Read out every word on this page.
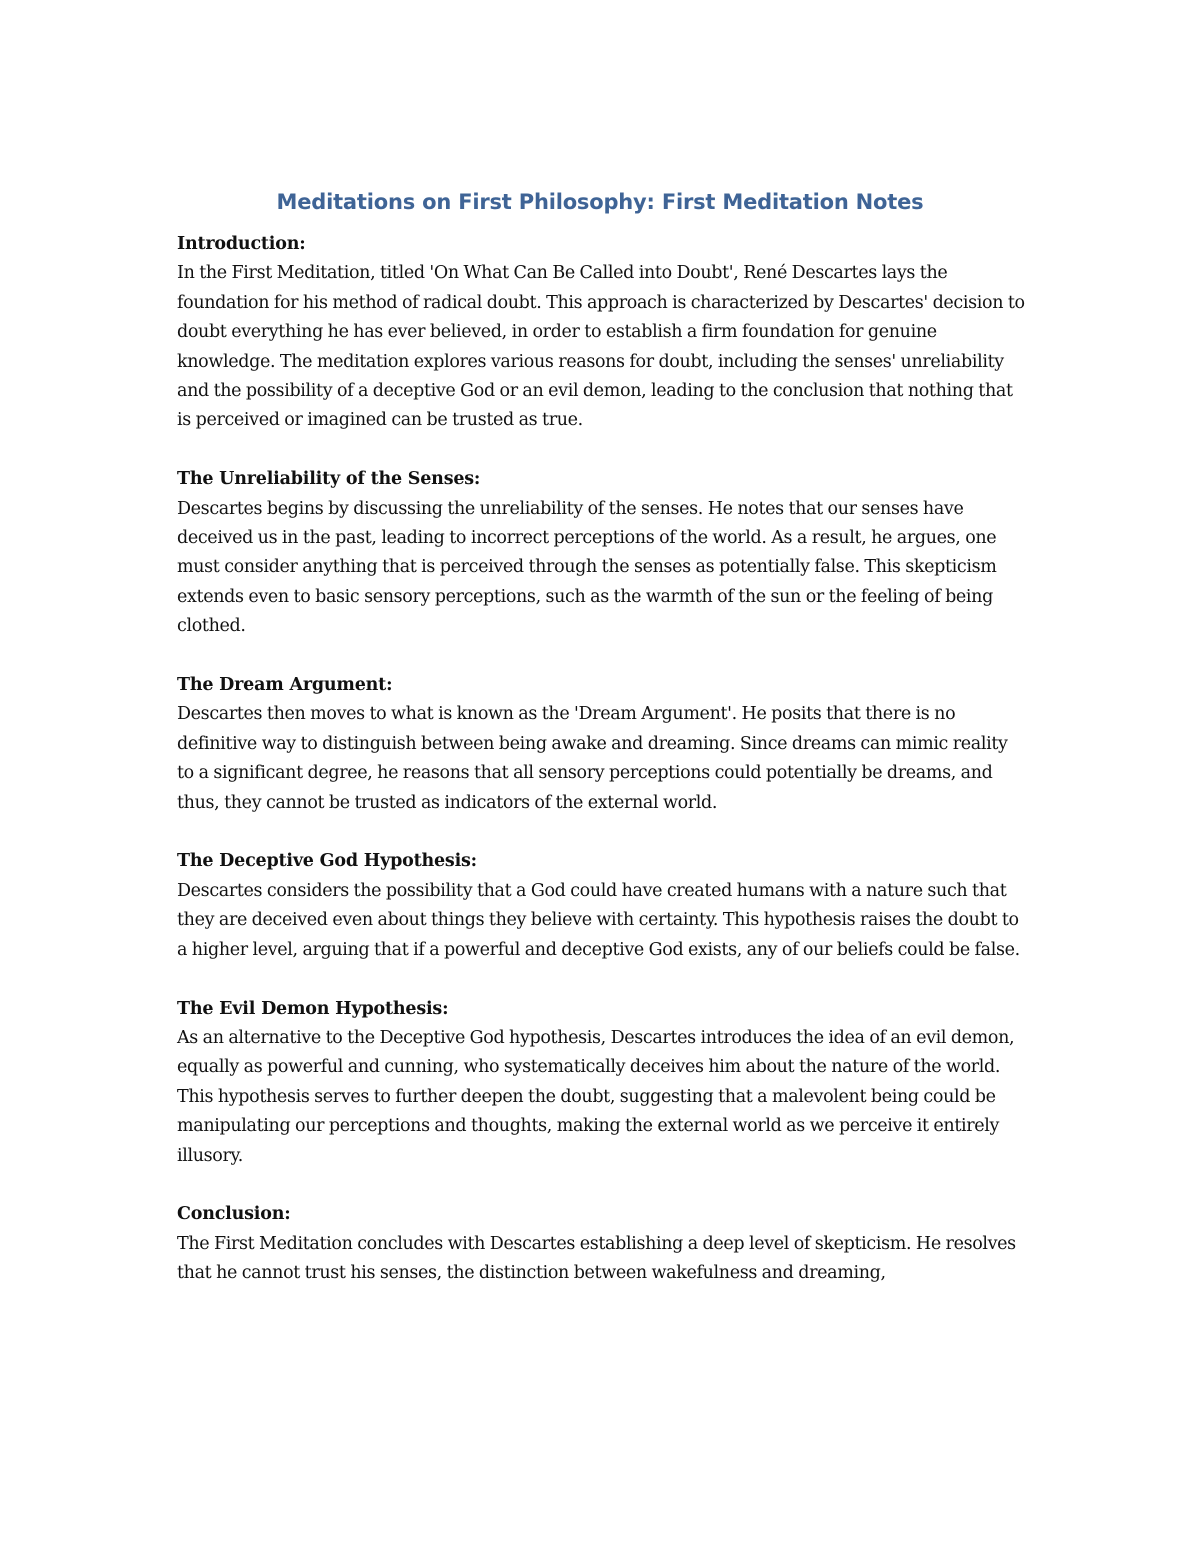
Meditations on First Philosophy: First Meditation Notes

Introduction:

In the First Meditation, titled 'On What Can Be Called into Doubt', René Descartes lays the foundation for his method of radical doubt. This approach is characterized by Descartes' decision to doubt everything he has ever believed, in order to establish a firm foundation for genuine knowledge. The meditation explores various reasons for doubt, including the senses' unreliability and the possibility of a deceptive God or an evil demon, leading to the conclusion that nothing that is perceived or imagined can be trusted as true.

The Unreliability of the Senses:

Descartes begins by discussing the unreliability of the senses. He notes that our senses have deceived us in the past, leading to incorrect perceptions of the world. As a result, he argues, one must consider anything that is perceived through the senses as potentially false. This skepticism extends even to basic sensory perceptions, such as the warmth of the sun or the feeling of being clothed.

The Dream Argument:

Descartes then moves to what is known as the 'Dream Argument'. He posits that there is no definitive way to distinguish between being awake and dreaming. Since dreams can mimic reality to a significant degree, he reasons that all sensory perceptions could potentially be dreams, and thus, they cannot be trusted as indicators of the external world.

The Deceptive God Hypothesis:

Descartes considers the possibility that a God could have created humans with a nature such that they are deceived even about things they believe with certainty. This hypothesis raises the doubt to a higher level, arguing that if a powerful and deceptive God exists, any of our beliefs could be false.

The Evil Demon Hypothesis:

As an alternative to the Deceptive God hypothesis, Descartes introduces the idea of an evil demon, equally as powerful and cunning, who systematically deceives him about the nature of the world. This hypothesis serves to further deepen the doubt, suggesting that a malevolent being could be manipulating our perceptions and thoughts, making the external world as we perceive it entirely illusory.

Conclusion:

The First Meditation concludes with Descartes establishing a deep level of skepticism. He resolves that he cannot trust his senses, the distinction between wakefulness and dreaming,
